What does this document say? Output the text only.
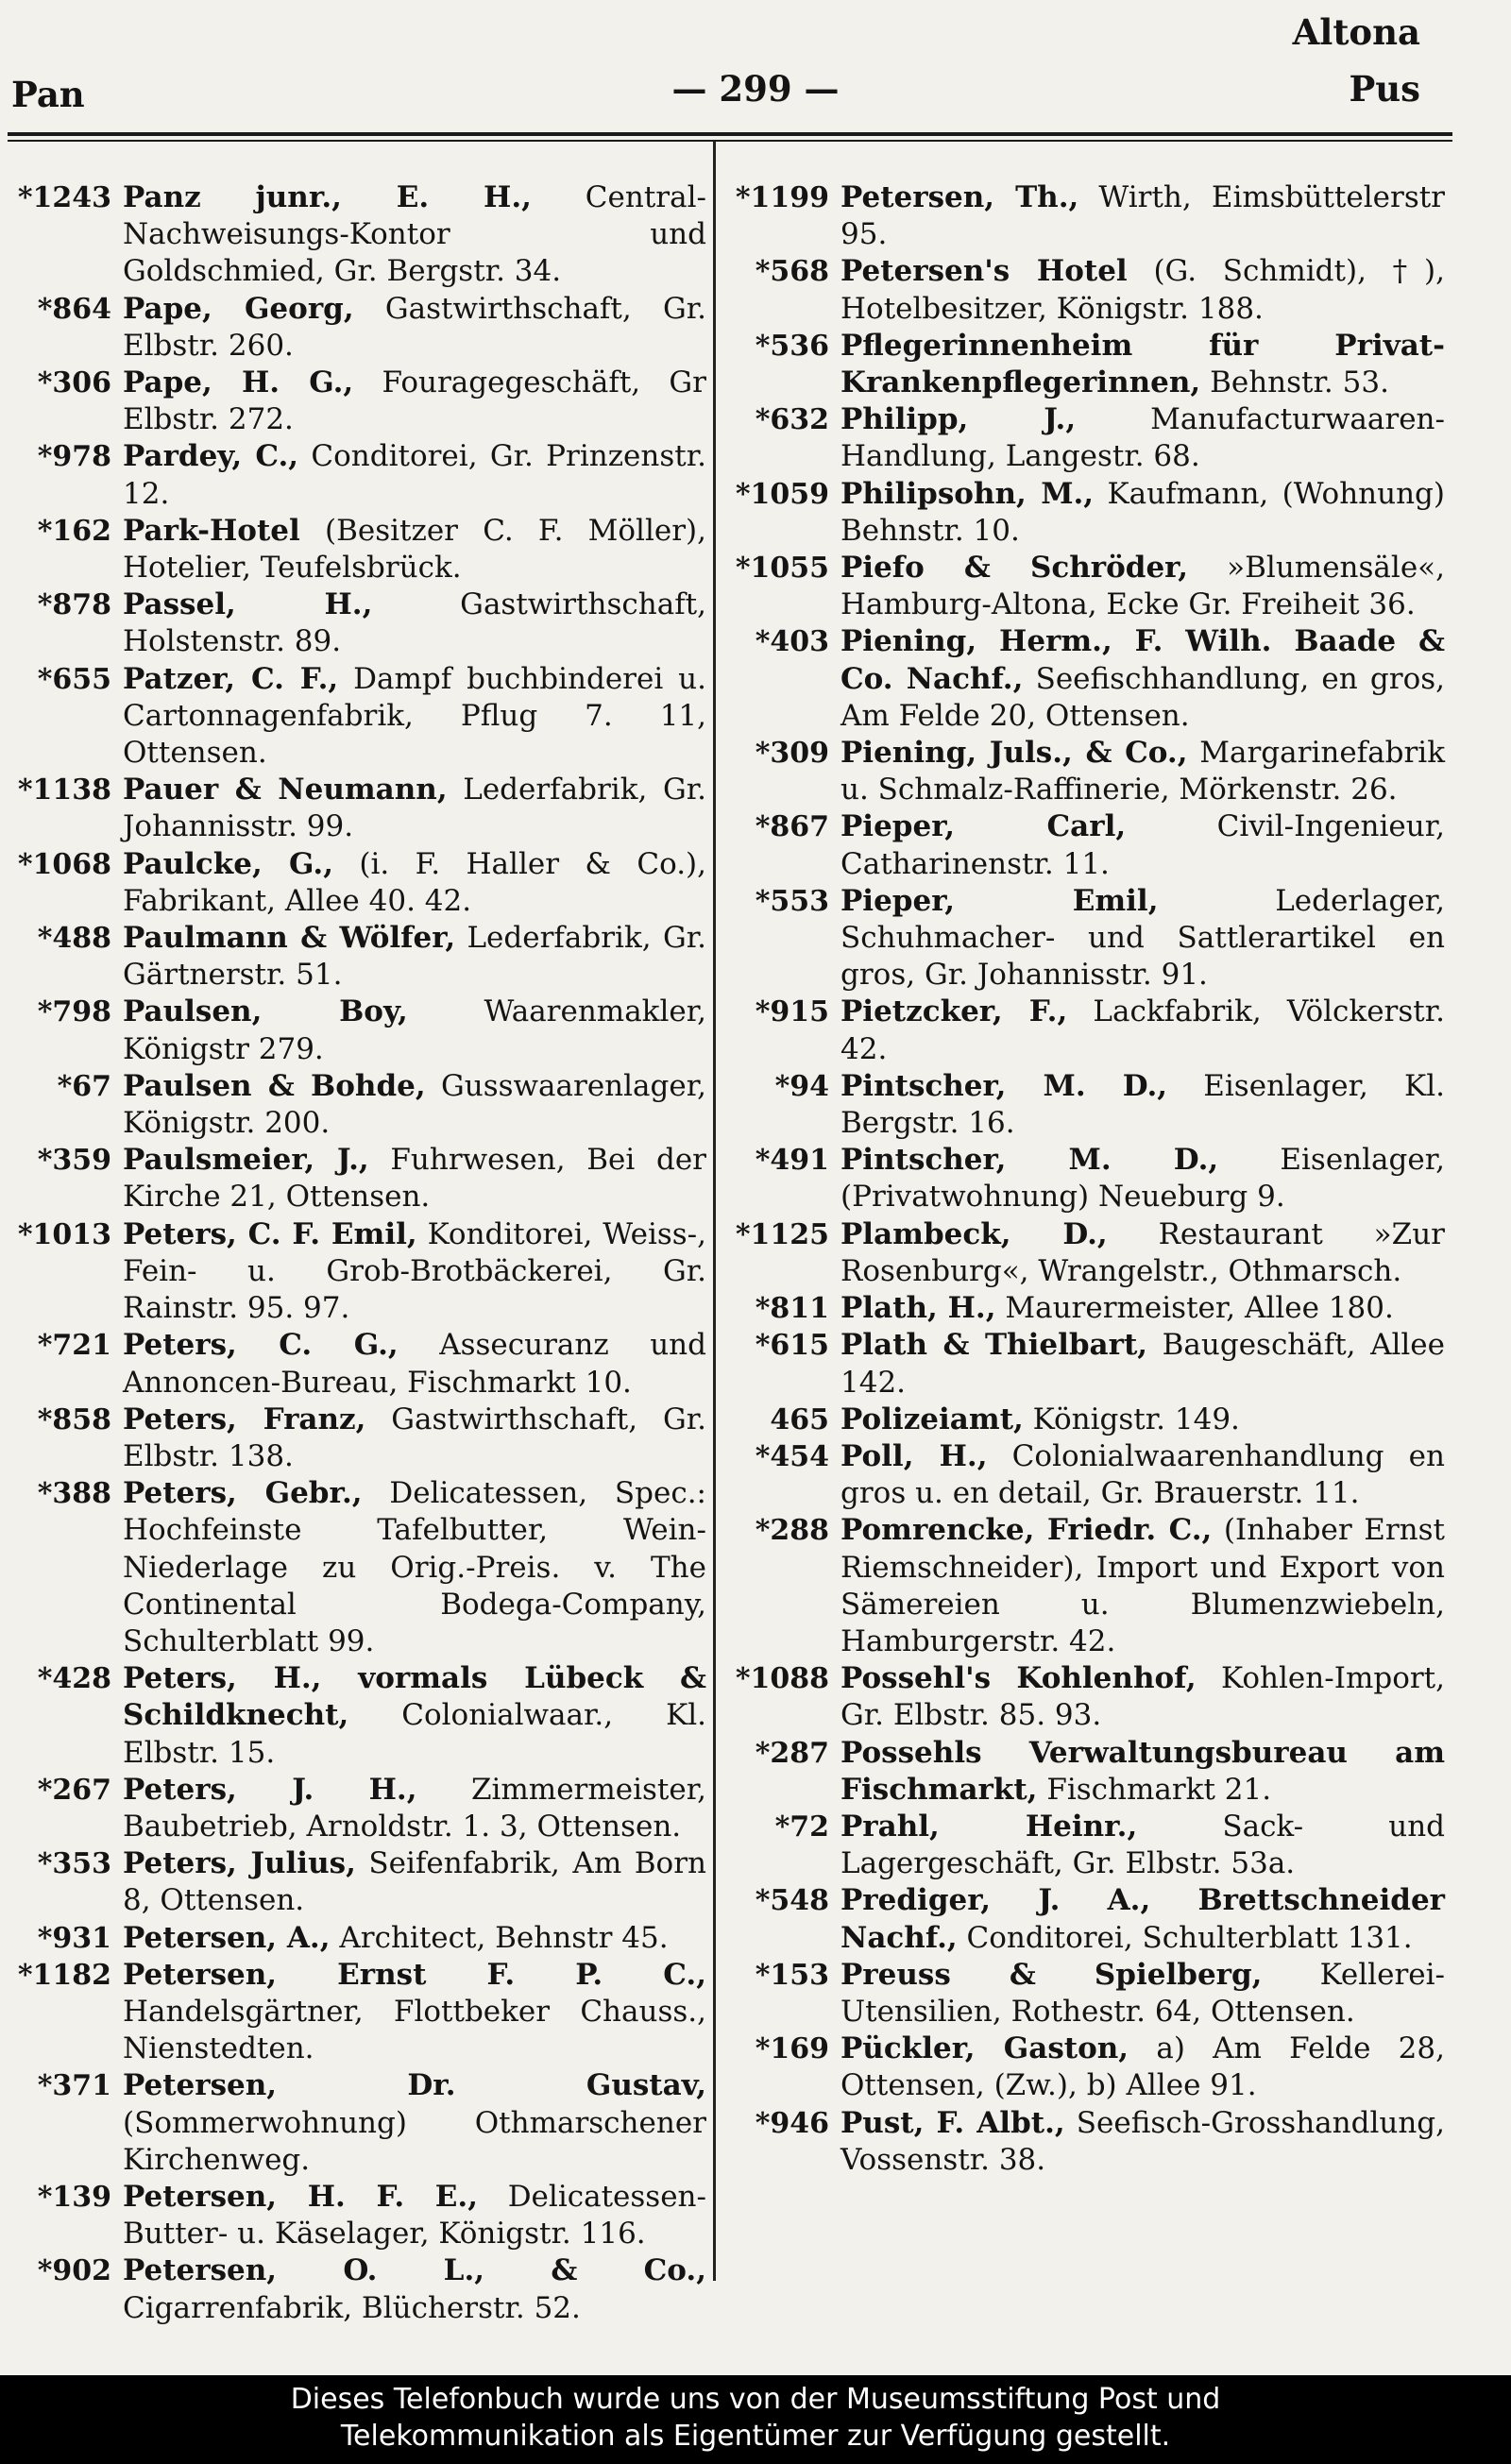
Altona
Pan	— 299 —	Pus
*1243 Panz junr., E. H., Central-Nachweisungs-Kontor und Goldschmied, Gr. Bergstr. 34.
*864 Pape, Georg, Gastwirthschaft, Gr. Elbstr. 260.
*306 Pape, H. G., Fouragegeschäft, Gr Elbstr. 272.
*978 Pardey, C., Conditorei, Gr. Prinzenstr. 12.
*162 Park-Hotel (Besitzer C. F. Möller), Hotelier, Teufelsbrück.
*878 Passel, H., Gastwirthschaft, Holstenstr. 89.
*655 Patzer, C. F., Dampf buchbinderei u. Cartonnagenfabrik, Pflug 7. 11, Ottensen.
*1138 Pauer & Neumann, Lederfabrik, Gr. Johannisstr. 99.
*1068 Paulcke, G., (i. F. Haller & Co.), Fabrikant, Allee 40. 42.
*488 Paulmann & Wölfer, Lederfabrik, Gr. Gärtnerstr. 51.
*798 Paulsen, Boy, Waarenmakler, Königstr 279.
*67 Paulsen & Bohde, Gusswaarenlager, Königstr. 200.
*359 Paulsmeier, J., Fuhrwesen, Bei der Kirche 21, Ottensen.
*1013 Peters, C. F. Emil, Konditorei, Weiss-, Fein- u. Grob-Brotbäckerei, Gr. Rainstr. 95. 97.
*721 Peters, C. G., Assecuranz und Annoncen-Bureau, Fischmarkt 10.
*858 Peters, Franz, Gastwirthschaft, Gr. Elbstr. 138.
*388 Peters, Gebr., Delicatessen, Spec.: Hochfeinste Tafelbutter, Wein-Niederlage zu Orig.-Preis. v. The Continental Bodega-Company, Schulterblatt 99.
*428 Peters, H., vormals Lübeck & Schildknecht, Colonialwaar., Kl. Elbstr. 15.
*267 Peters, J. H., Zimmermeister, Baubetrieb, Arnoldstr. 1. 3, Ottensen.
*353 Peters, Julius, Seifenfabrik, Am Born 8, Ottensen.
*931 Petersen, A., Architect, Behnstr 45.
*1182 Petersen, Ernst F. P. C., Handelsgärtner, Flottbeker Chauss., Nienstedten.
*371 Petersen, Dr. Gustav, (Sommerwohnung) Othmarschener Kirchenweg.
*139 Petersen, H. F. E., Delicatessen-Butter- u. Käselager, Königstr. 116.
*902 Petersen, O. L., & Co., Cigarrenfabrik, Blücherstr. 52.
*1199 Petersen, Th., Wirth, Eimsbüttelerstr 95.
*568 Petersen's Hotel (G. Schmidt), †), Hotelbesitzer, Königstr. 188.
*536 Pflegerinnenheim für Privat-Krankenpflegerinnen, Behnstr. 53.
*632 Philipp, J., Manufacturwaaren-Handlung, Langestr. 68.
*1059 Philipsohn, M., Kaufmann, (Wohnung) Behnstr. 10.
*1055 Piefo & Schröder, »Blumensäle«, Hamburg-Altona, Ecke Gr. Freiheit 36.
*403 Piening, Herm., F. Wilh. Baade & Co. Nachf., Seefischhandlung, en gros, Am Felde 20, Ottensen.
*309 Piening, Juls., & Co., Margarinefabrik u. Schmalz-Raffinerie, Mörkenstr. 26.
*867 Pieper, Carl, Civil-Ingenieur, Catharinenstr. 11.
*553 Pieper, Emil, Lederlager, Schuhmacher- und Sattlerartikel en gros, Gr. Johannisstr. 91.
*915 Pietzcker, F., Lackfabrik, Völckerstr. 42.
*94 Pintscher, M. D., Eisenlager, Kl. Bergstr. 16.
*491 Pintscher, M. D., Eisenlager, (Privatwohnung) Neueburg 9.
*1125 Plambeck, D., Restaurant »Zur Rosenburg«, Wrangelstr., Othmarsch.
*811 Plath, H., Maurermeister, Allee 180.
*615 Plath & Thielbart, Baugeschäft, Allee 142.
465 Polizeiamt, Königstr. 149.
*454 Poll, H., Colonialwaarenhandlung en gros u. en detail, Gr. Brauerstr. 11.
*288 Pomrencke, Friedr. C., (Inhaber Ernst Riemschneider), Import und Export von Sämereien u. Blumenzwiebeln, Hamburgerstr. 42.
*1088 Possehl's Kohlenhof, Kohlen-Import, Gr. Elbstr. 85. 93.
*287 Possehls Verwaltungsbureau am Fischmarkt, Fischmarkt 21.
*72 Prahl, Heinr., Sack- und Lagergeschäft, Gr. Elbstr. 53a.
*548 Prediger, J. A., Brettschneider Nachf., Conditorei, Schulterblatt 131.
*153 Preuss & Spielberg, Kellerei-Utensilien, Rothestr. 64, Ottensen.
*169 Pückler, Gaston, a) Am Felde 28, Ottensen, (Zw.), b) Allee 91.
*946 Pust, F. Albt., Seefisch-Grosshandlung, Vossenstr. 38.
Dieses Telefonbuch wurde uns von der Museumsstiftung Post und
Telekommunikation als Eigentümer zur Verfügung gestellt.
